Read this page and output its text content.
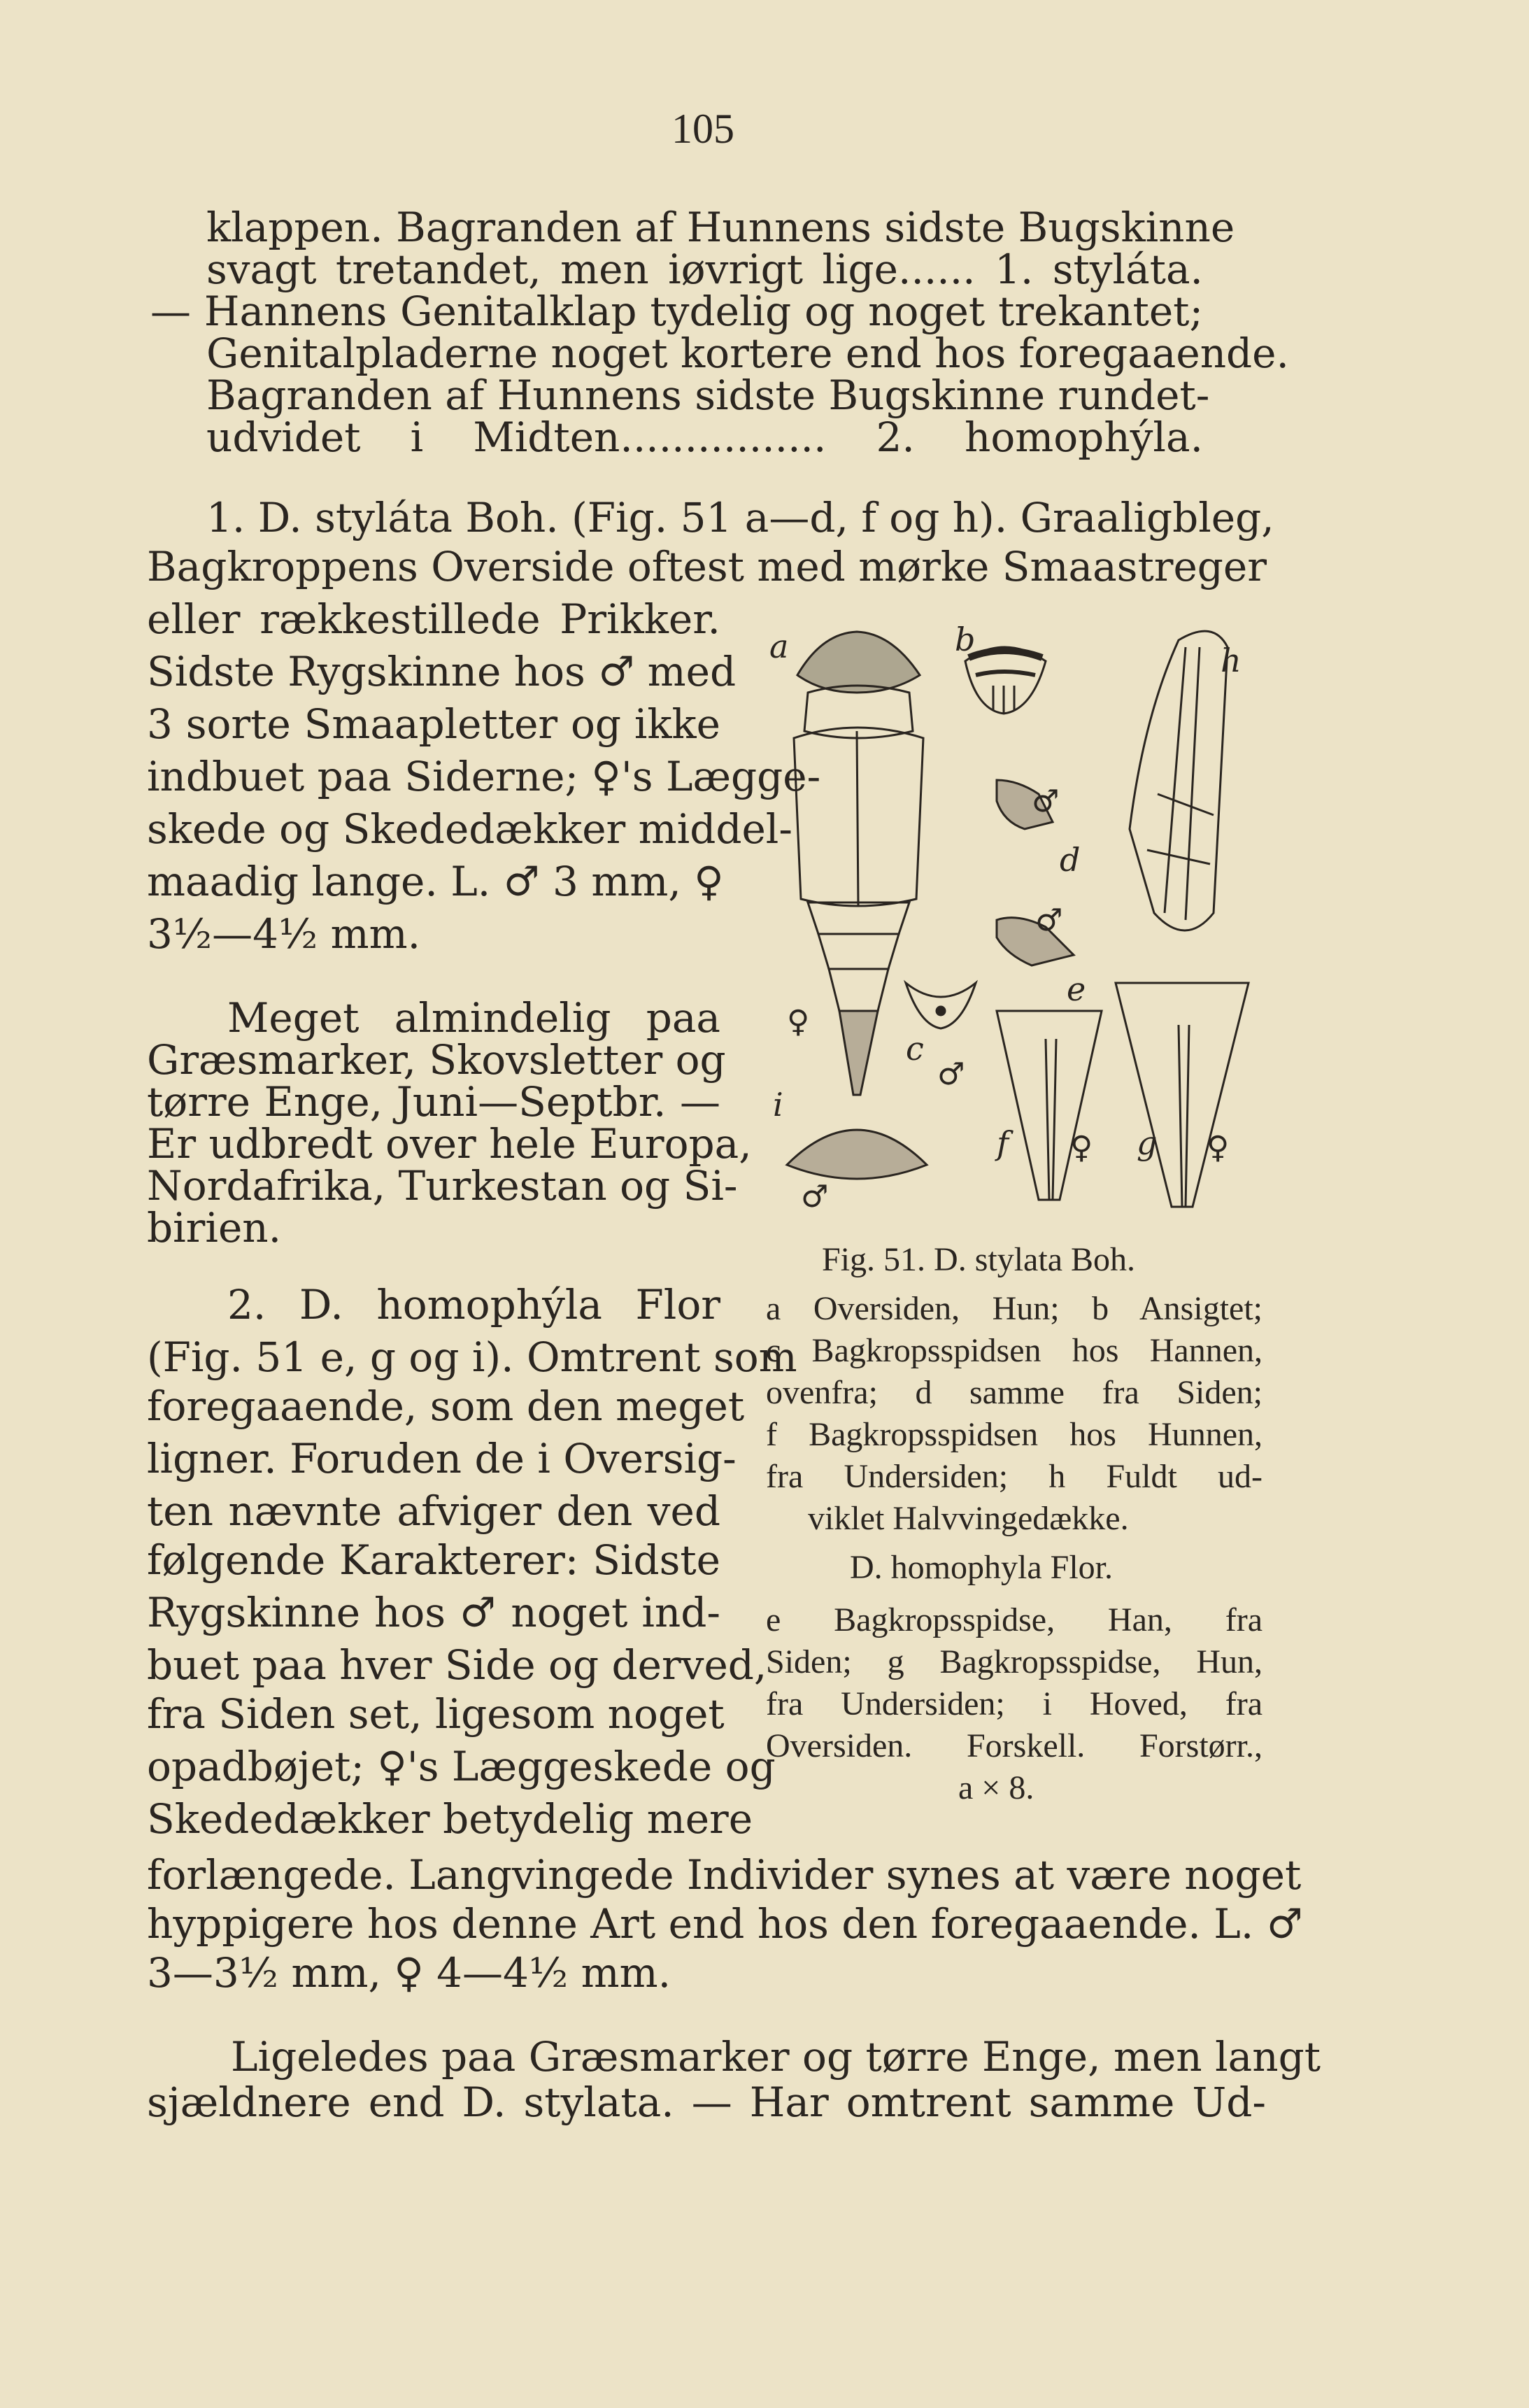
105
klappen. Bagranden af Hunnens sidste Bugskinne
svagt tretandet, men iøvrigt lige...... 1. styláta.
— Hannens Genitalklap tydelig og noget trekantet;
Genitalpladerne noget kortere end hos foregaaende.
Bagranden af Hunnens sidste Bugskinne rundet-
udvidet i Midten................ 2. homophýla.
1. D. styláta Boh. (Fig. 51 a—d, f og h). Graaligbleg,
Bagkroppens Overside oftest med mørke Smaastreger
eller rækkestillede Prikker.
Sidste Rygskinne hos ♂ med
3 sorte Smaapletter og ikke
indbuet paa Siderne; ♀'s Lægge-
skede og Skededækker middel-
maadig lange. L. ♂ 3 mm, ♀
3½—4½ mm.
Meget almindelig paa
Græsmarker, Skovsletter og
tørre Enge, Juni—Septbr. —
Er udbredt over hele Europa,
Nordafrika, Turkestan og Si-
birien.
2. D. homophýla Flor
(Fig. 51 e, g og i). Omtrent som
foregaaende, som den meget
ligner. Foruden de i Oversig-
ten nævnte afviger den ved
følgende Karakterer: Sidste
Rygskinne hos ♂ noget ind-
buet paa hver Side og derved,
fra Siden set, ligesom noget
opadbøjet; ♀'s Læggeskede og
Skededækker betydelig mere
forlængede. Langvingede Individer synes at være noget
hyppigere hos denne Art end hos den foregaaende. L. ♂
3—3½ mm, ♀ 4—4½ mm.
Ligeledes paa Græsmarker og tørre Enge, men langt
sjældnere end D. stylata. — Har omtrent samme Ud-
a	b
h
d
e
c
f	g
i
♀
♂
♂
♀	♀
♂
♂
Fig. 51. D. stylata Boh.
a Oversiden, Hun; b Ansigtet;
c Bagkropsspidsen hos Hannen,
ovenfra; d samme fra Siden;
f Bagkropsspidsen hos Hunnen,
fra Undersiden; h Fuldt ud-
viklet Halvvingedække.
D. homophyla Flor.
e Bagkropsspidse, Han, fra
Siden; g Bagkropsspidse, Hun,
fra Undersiden; i Hoved, fra
Oversiden. Forskell. Forstørr.,
a × 8.
